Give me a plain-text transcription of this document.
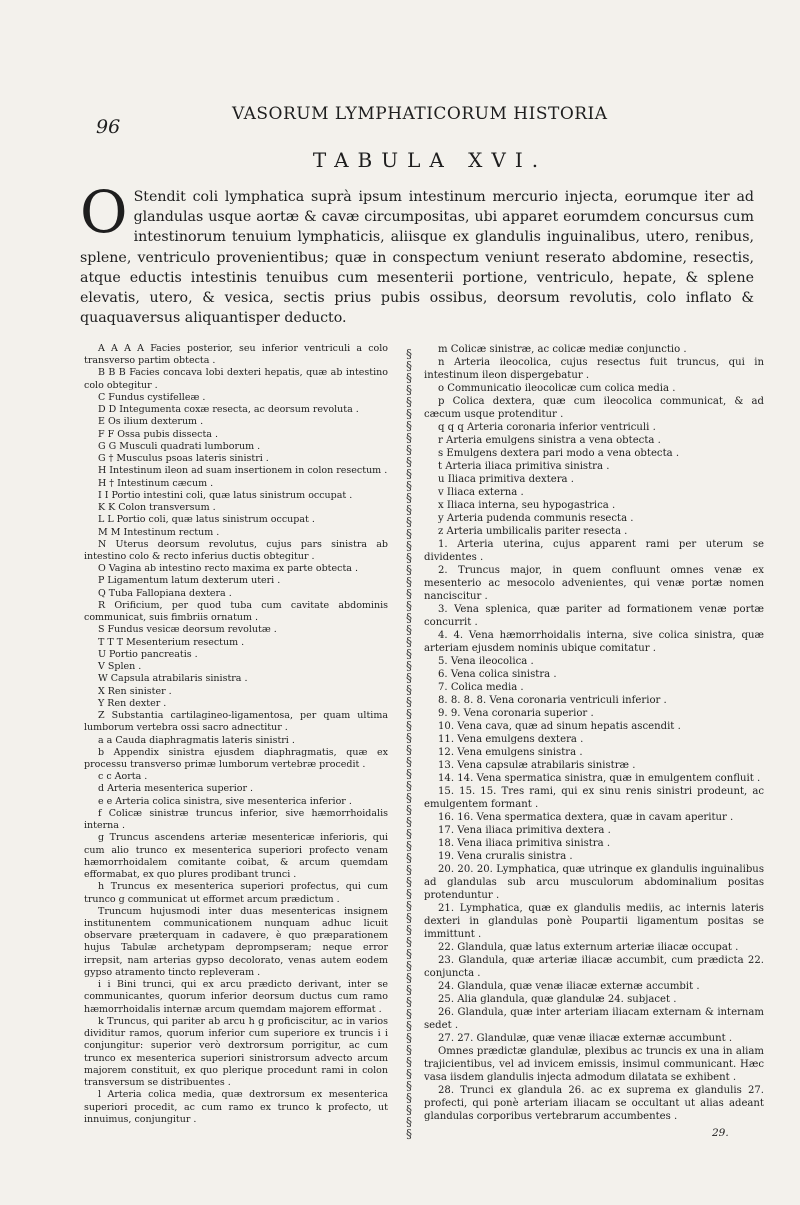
96
VASORUM LYMPHATICORUM HISTORIA
TABULA XVI.
O Stendit coli lymphatica suprà ipsum intestinum mercurio injecta, eorumque iter ad glandulas usque aortæ & cavæ circumpositas, ubi apparet eorumdem concursus cum intestinorum tenuium lymphaticis, aliisque ex glandulis inguinalibus, utero, renibus, splene, ventriculo provenientibus; quæ in conspectum veniunt reserato abdomine, resectis, atque eductis intestinis tenuibus cum mesenterii portione, ventriculo, hepate, & splene elevatis, utero, & vesica, sectis prius pubis ossibus, deorsum revolutis, colo inflato & quaquaversus aliquantisper deducto.

A A A A Facies posterior, seu inferior ventriculi a colo transverso partim obtecta .

B B B Facies concava lobi dexteri hepatis, quæ ab intestino colo obtegitur .

C Fundus cystifelleæ .

D D Integumenta coxæ resecta, ac deorsum revoluta .

E Os ilium dexterum .

F F Ossa pubis dissecta .

G G Musculi quadrati lumborum .

G † Musculus psoas lateris sinistri .

H Intestinum ileon ad suam insertionem in colon resectum .

H † Intestinum cæcum .

I I Portio intestini coli, quæ latus sinistrum occupat .

K K Colon transversum .

L L Portio coli, quæ latus sinistrum occupat .

M M Intestinum rectum .

N Uterus deorsum revolutus, cujus pars sinistra ab intestino colo & recto inferius ductis obtegitur .

O Vagina ab intestino recto maxima ex parte obtecta .

P Ligamentum latum dexterum uteri .

Q Tuba Fallopiana dextera .

R Orificium, per quod tuba cum cavitate abdominis communicat, suis fimbriis ornatum .

S Fundus vesicæ deorsum revolutæ .

T T T Mesenterium resectum .

U Portio pancreatis .

V Splen .

W Capsula atrabilaris sinistra .

X Ren sinister .

Y Ren dexter .

Z Substantia cartilagineo-ligamentosa, per quam ultima lumborum vertebra ossi sacro adnectitur .

a a Cauda diaphragmatis lateris sinistri .

b Appendix sinistra ejusdem diaphragmatis, quæ ex processu transverso primæ lumborum vertebræ procedit .

c c Aorta .

d Arteria mesenterica superior .

e e Arteria colica sinistra, sive mesenterica inferior .

f Colicæ sinistræ truncus inferior, sive hæmorrhoidalis interna .

g Truncus ascendens arteriæ mesentericæ inferioris, qui cum alio trunco ex mesenterica superiori profecto venam hæmorrhoidalem comitante coibat, & arcum quemdam efformabat, ex quo plures prodibant trunci .

h Truncus ex mesenterica superiori profectus, qui cum trunco g communicat ut efformet arcum prædictum .

Truncum hujusmodi inter duas mesentericas insignem institunentem communicationem nunquam adhuc licuit observare præterquam in cadavere, è quo præparationem hujus Tabulæ archetypam deprompseram; neque error irrepsit, nam arterias gypso decolorato, venas autem eodem gypso atramento tincto repleveram .

i i Bini trunci, qui ex arcu prædicto derivant, inter se communicantes, quorum inferior deorsum ductus cum ramo hæmorrhoidalis internæ arcum quemdam majorem efformat .

k Truncus, qui pariter ab arcu h g proficiscitur, ac in varios dividitur ramos, quorum inferior cum superiore ex truncis i i conjungitur: superior verò dextrorsum porrigitur, ac cum trunco ex mesenterica superiori sinistrorsum advecto arcum majorem constituit, ex quo plerique procedunt rami in colon transversum se distribuentes .

l Arteria colica media, quæ dextrorsum ex mesenterica superiori procedit, ac cum ramo ex trunco k profecto, ut innuimus, conjungitur .

§
§
§
§
§
§
§
§
§
§
§
§
§
§
§
§
§
§
§
§
§
§
§
§
§
§
§
§
§
§
§
§
§
§
§
§
§
§
§
§
§
§
§
§
§
§
§
§
§
§
§
§
§
§
§
§
§
§
§
§
§
§
§
§
§
§

m Colicæ sinistræ, ac colicæ mediæ conjunctio .

n Arteria ileocolica, cujus resectus fuit truncus, qui in intestinum ileon dispergebatur .

o Communicatio ileocolicæ cum colica media .

p Colica dextera, quæ cum ileocolica communicat, & ad cæcum usque protenditur .

q q q Arteria coronaria inferior ventriculi .

r Arteria emulgens sinistra a vena obtecta .

s Emulgens dextera pari modo a vena obtecta .

t Arteria iliaca primitiva sinistra .

u Iliaca primitiva dextera .

v Iliaca externa .

x Iliaca interna, seu hypogastrica .

y Arteria pudenda communis resecta .

z Arteria umbilicalis pariter resecta .

1. Arteria uterina, cujus apparent rami per uterum se dividentes .

2. Truncus major, in quem confluunt omnes venæ ex mesenterio ac mesocolo advenientes, qui venæ portæ nomen nanciscitur .

3. Vena splenica, quæ pariter ad formationem venæ portæ concurrit .

4. 4. Vena hæmorrhoidalis interna, sive colica sinistra, quæ arteriam ejusdem nominis ubique comitatur .

5. Vena ileocolica .

6. Vena colica sinistra .

7. Colica media .

8. 8. 8. 8. Vena coronaria ventriculi inferior .

9. 9. Vena coronaria superior .

10. Vena cava, quæ ad sinum hepatis ascendit .

11. Vena emulgens dextera .

12. Vena emulgens sinistra .

13. Vena capsulæ atrabilaris sinistræ .

14. 14. Vena spermatica sinistra, quæ in emulgentem confluit .

15. 15. 15. Tres rami, qui ex sinu renis sinistri prodeunt, ac emulgentem formant .

16. 16. Vena spermatica dextera, quæ in cavam aperitur .

17. Vena iliaca primitiva dextera .

18. Vena iliaca primitiva sinistra .

19. Vena cruralis sinistra .

20. 20. 20. Lymphatica, quæ utrinque ex glandulis inguinalibus ad glandulas sub arcu musculorum abdominalium positas protenduntur .

21. Lymphatica, quæ ex glandulis mediis, ac internis lateris dexteri in glandulas ponè Poupartii ligamentum positas se immittunt .

22. Glandula, quæ latus externum arteriæ iliacæ occupat .

23. Glandula, quæ arteriæ iliacæ accumbit, cum prædicta 22. conjuncta .

24. Glandula, quæ venæ iliacæ externæ accumbit .

25. Alia glandula, quæ glandulæ 24. subjacet .

26. Glandula, quæ inter arteriam iliacam externam & internam sedet .

27. 27. Glandulæ, quæ venæ iliacæ externæ accumbunt .

Omnes prædictæ glandulæ, plexibus ac truncis ex una in aliam trajicientibus, vel ad invicem emissis, insimul communicant. Hæc vasa iisdem glandulis injecta admodum dilatata se exhibent .

28. Trunci ex glandula 26. ac ex suprema ex glandulis 27. profecti, qui ponè arteriam iliacam se occultant ut alias adeant glandulas corporibus vertebrarum accumbentes .

29.
